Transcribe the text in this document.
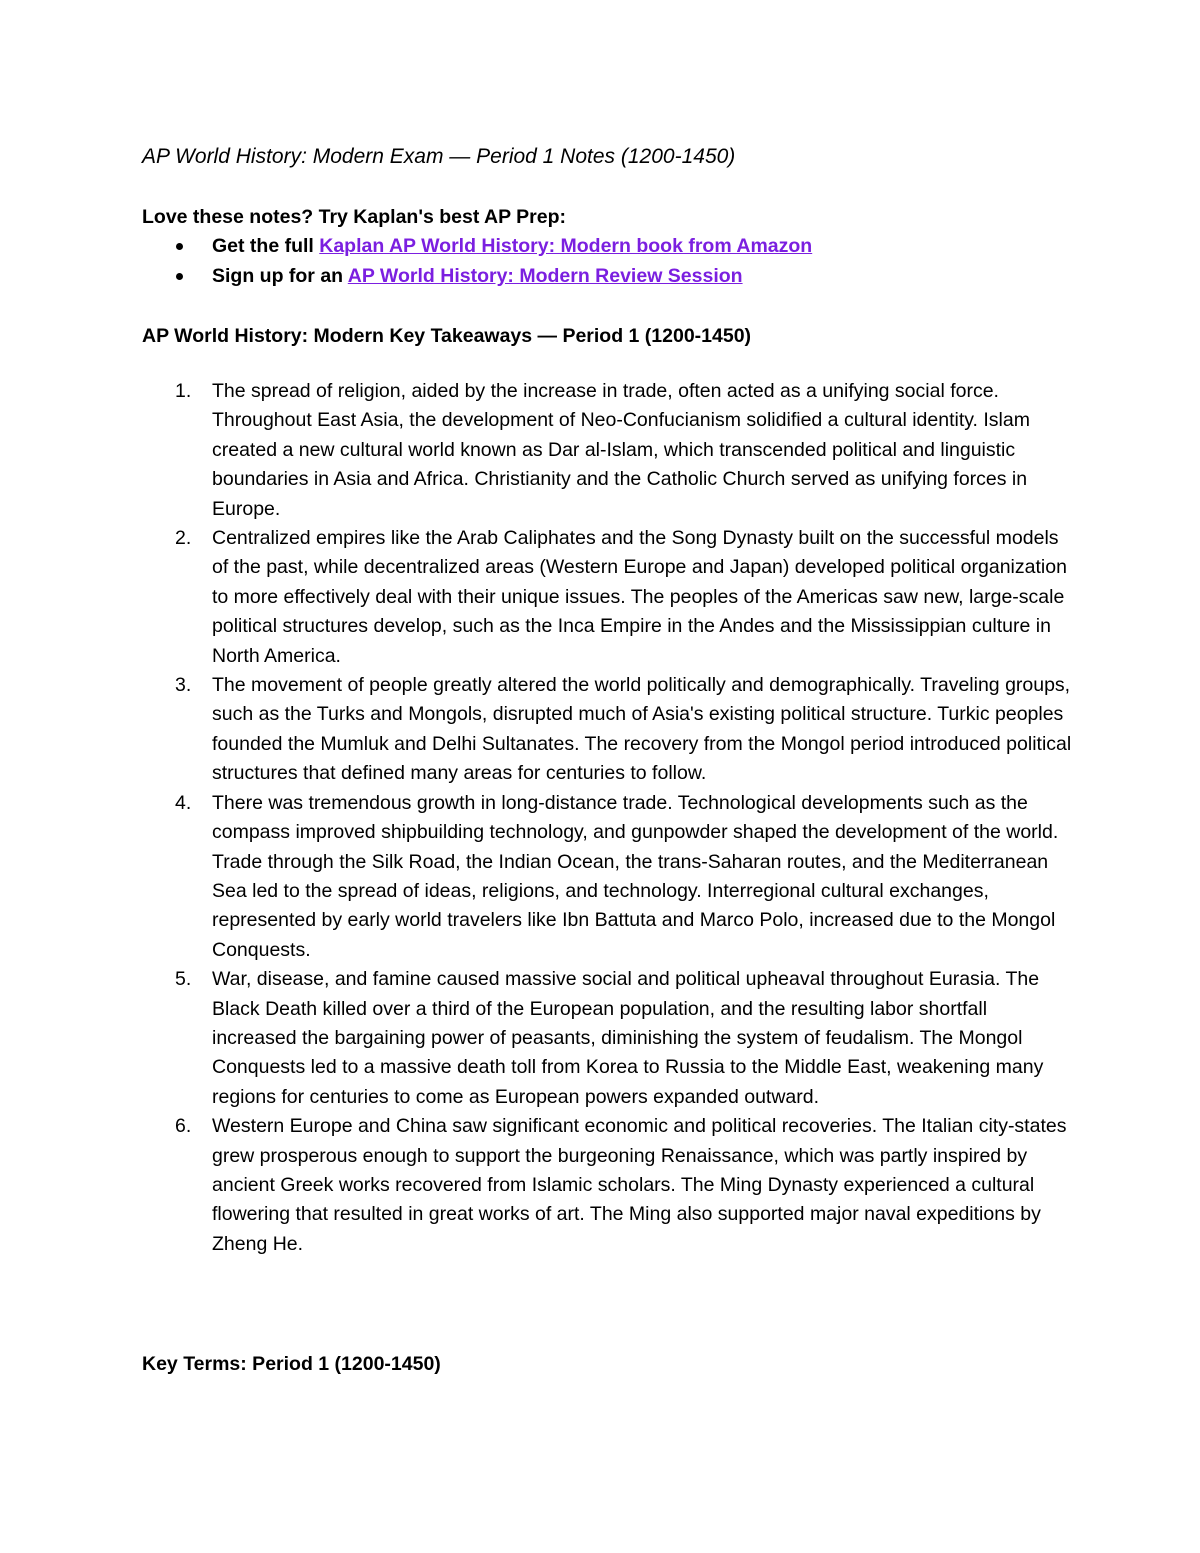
AP World History: Modern Exam — Period 1 Notes (1200-1450)

Love these notes? Try Kaplan's best AP Prep:

Get the full Kaplan AP World History: Modern book from Amazon
Sign up for an AP World History: Modern Review Session
AP World History: Modern Key Takeaways — Period 1 (1200-1450)
1. The spread of religion, aided by the increase in trade, often acted as a unifying social force. Throughout East Asia, the development of Neo-Confucianism solidified a cultural identity. Islam created a new cultural world known as Dar al-Islam, which transcended political and linguistic boundaries in Asia and Africa. Christianity and the Catholic Church served as unifying forces in Europe.
2. Centralized empires like the Arab Caliphates and the Song Dynasty built on the successful models of the past, while decentralized areas (Western Europe and Japan) developed political organization to more effectively deal with their unique issues. The peoples of the Americas saw new, large-scale political structures develop, such as the Inca Empire in the Andes and the Mississippian culture in North America.
3. The movement of people greatly altered the world politically and demographically. Traveling groups, such as the Turks and Mongols, disrupted much of Asia's existing political structure. Turkic peoples founded the Mumluk and Delhi Sultanates. The recovery from the Mongol period introduced political structures that defined many areas for centuries to follow.
4. There was tremendous growth in long-distance trade. Technological developments such as the compass improved shipbuilding technology, and gunpowder shaped the development of the world. Trade through the Silk Road, the Indian Ocean, the trans-Saharan routes, and the Mediterranean Sea led to the spread of ideas, religions, and technology. Interregional cultural exchanges, represented by early world travelers like Ibn Battuta and Marco Polo, increased due to the Mongol Conquests.
5. War, disease, and famine caused massive social and political upheaval throughout Eurasia. The Black Death killed over a third of the European population, and the resulting labor shortfall increased the bargaining power of peasants, diminishing the system of feudalism. The Mongol Conquests led to a massive death toll from Korea to Russia to the Middle East, weakening many regions for centuries to come as European powers expanded outward.
6. Western Europe and China saw significant economic and political recoveries. The Italian city-states grew prosperous enough to support the burgeoning Renaissance, which was partly inspired by ancient Greek works recovered from Islamic scholars. The Ming Dynasty experienced a cultural flowering that resulted in great works of art. The Ming also supported major naval expeditions by Zheng He.
Key Terms: Period 1 (1200-1450)
